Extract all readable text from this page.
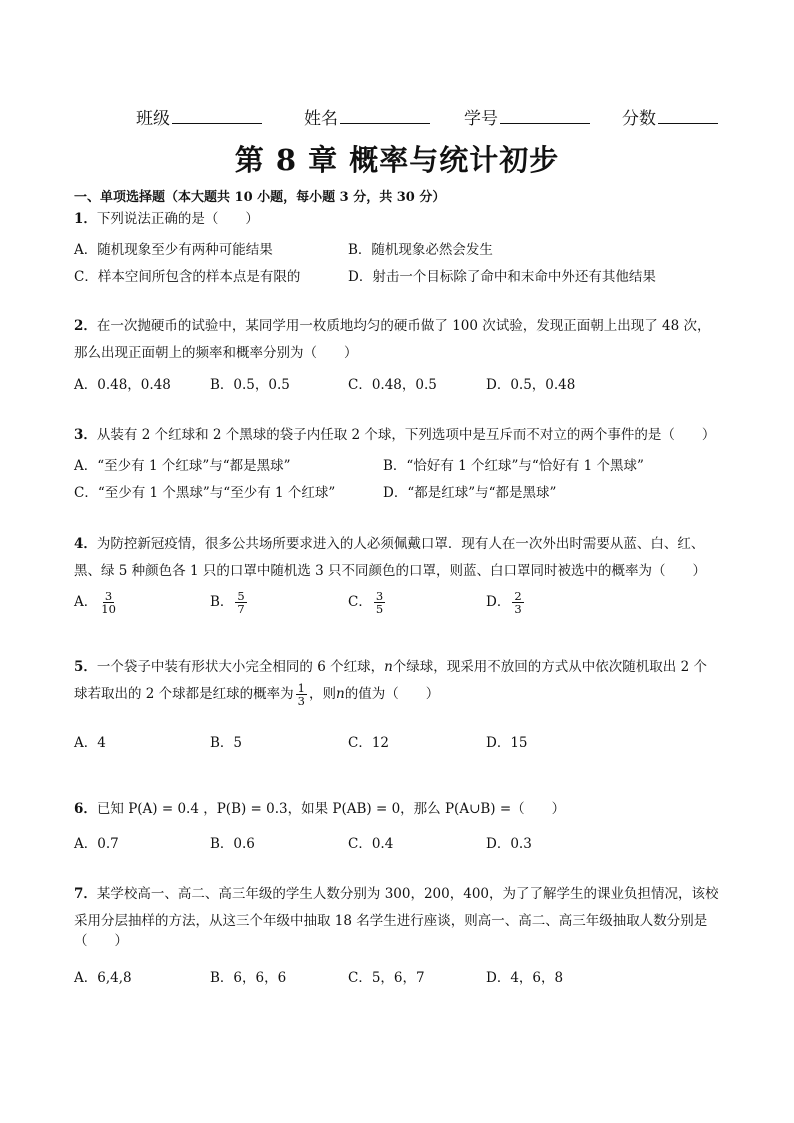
班级	姓名	学号	分数
第 8 章 概率与统计初步
一、单项选择题（本大题共 10 小题，每小题 3 分，共 30 分）
1．下列说法正确的是（　　）
A．随机现象至少有两种可能结果	B．随机现象必然会发生
C．样本空间所包含的样本点是有限的	D．射击一个目标除了命中和末命中外还有其他结果
2．在一次抛硬币的试验中，某同学用一枚质地均匀的硬币做了 100 次试验，发现正面朝上出现了 48 次，
那么出现正面朝上的频率和概率分别为（　　）
A．0.48，0.48	B．0.5，0.5	C．0.48，0.5	D．0.5，0.48
3．从装有 2 个红球和 2 个黑球的袋子内任取 2 个球，下列选项中是互斥而不对立的两个事件的是（　　）
A．“至少有 1 个红球”与“都是黑球”	B．“恰好有 1 个红球”与“恰好有 1 个黑球”
C．“至少有 1 个黑球”与“至少有 1 个红球”	D．“都是红球”与“都是黑球”
4．为防控新冠疫情，很多公共场所要求进入的人必须佩戴口罩．现有人在一次外出时需要从蓝、白、红、
黑、绿 5 种颜色各 1 只的口罩中随机选 3 只不同颜色的口罩，则蓝、白口罩同时被选中的概率为（　　）
A． $\frac{3}{10}$	B． $\frac{5}{7}$	C． $\frac{3}{5}$	D． $\frac{2}{3}$
5．一个袋子中装有形状大小完全相同的 6 个红球，n个绿球，现采用不放回的方式从中依次随机取出 2 个
球若取出的 2 个球都是红球的概率为 $\frac{1}{3}$ ，则n的值为（　　）
A．4	B．5	C．12	D．15
6．已知 P(A) = 0.4 ，P(B) = 0.3，如果 P(AB) = 0，那么 P(A∪B) =（　　）
A．0.7	B．0.6	C．0.4	D．0.3
7．某学校高一、高二、高三年级的学生人数分别为 300，200，400，为了了解学生的课业负担情况，该校
采用分层抽样的方法，从这三个年级中抽取 18 名学生进行座谈，则高一、高二、高三年级抽取人数分别是
（　　）
A．6,4,8	B．6，6，6	C．5，6，7	D．4，6，8
